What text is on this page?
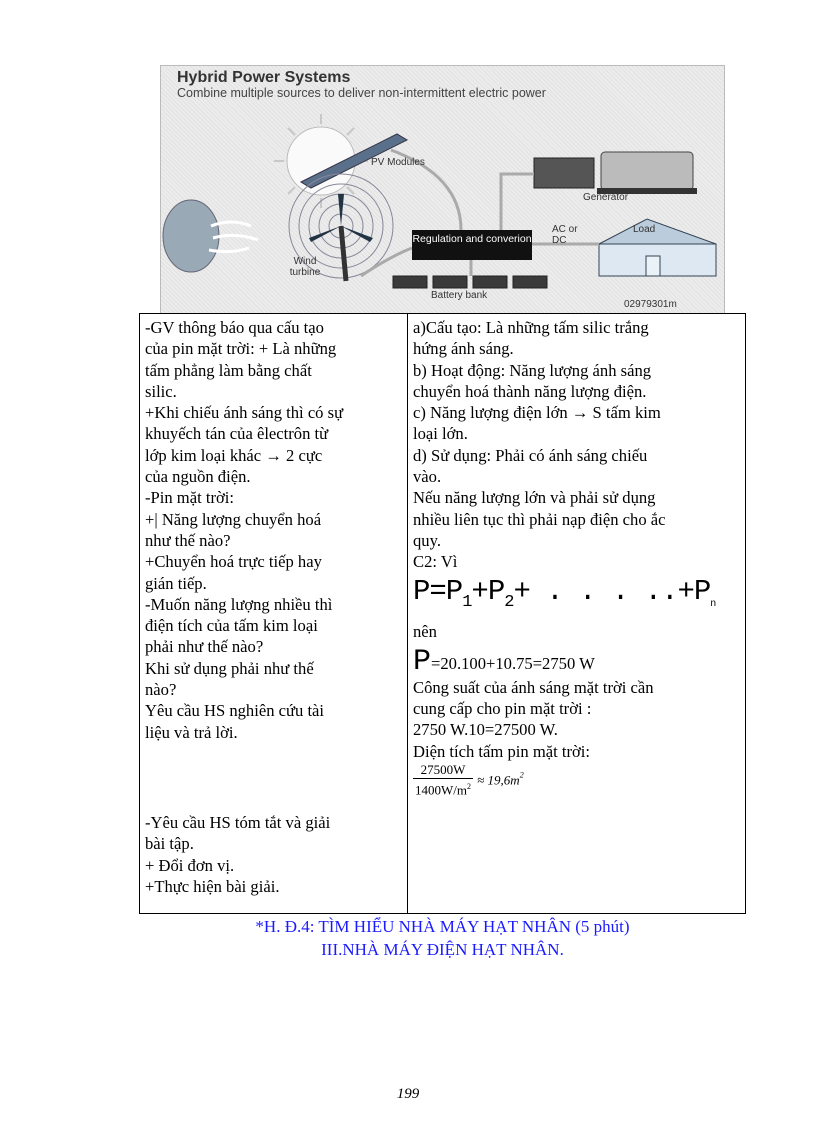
Hybrid Power Systems
Combine multiple sources to deliver non-intermittent electric power
PV Modules
Generator
AC or DC
Load
Wind turbine
Regulation and converion
Battery bank
02979301m
-GV thông báo qua cấu tạo
của pin mặt trời: + Là những
tấm phẳng làm bằng chất
silic.
+Khi chiếu ánh sáng thì có sự
khuyếch tán của êlectrôn từ
lớp kim loại khác → 2 cực
của nguồn điện.
-Pin mặt trời:
+| Năng lượng chuyển hoá
như thế nào?
+Chuyển hoá trực tiếp hay
gián tiếp.
-Muốn năng lượng nhiều thì
điện tích của tấm kim loại
phải như thế nào?
Khi sử dụng phải như thế
nào?
Yêu cầu HS nghiên cứu tài
liệu và trả lời.
-Yêu cầu HS tóm tắt và giải
bài tập.
+ Đổi đơn vị.
+Thực hiện bài giải.

a)Cấu tạo: Là những tấm silic trắng
hứng ánh sáng.
b) Hoạt động: Năng lượng ánh sáng
chuyển hoá thành năng lượng điện.
c) Năng lượng điện lớn → S tấm kim
loại lớn.
d) Sử dụng: Phải có ánh sáng chiếu
vào.
Nếu năng lượng lớn và phải sử dụng
nhiều liên tục thì phải nạp điện cho ắc
quy.
C2: Vì
$P=P_1+P_2+$ . . . $..+P_n$
nên
P=20.100+10.75=2750 W
Công suất của ánh sáng mặt trời cần
cung cấp cho pin mặt trời :
2750 W.10=27500 W.
Diện tích tấm pin mặt trời:
$\frac{27500W}{1400W/m^2} \approx 19,6m^2$
*H. Đ.4: TÌM HIỂU NHÀ MÁY HẠT NHÂN (5 phút)
III.NHÀ MÁY ĐIỆN HẠT NHÂN.
199
